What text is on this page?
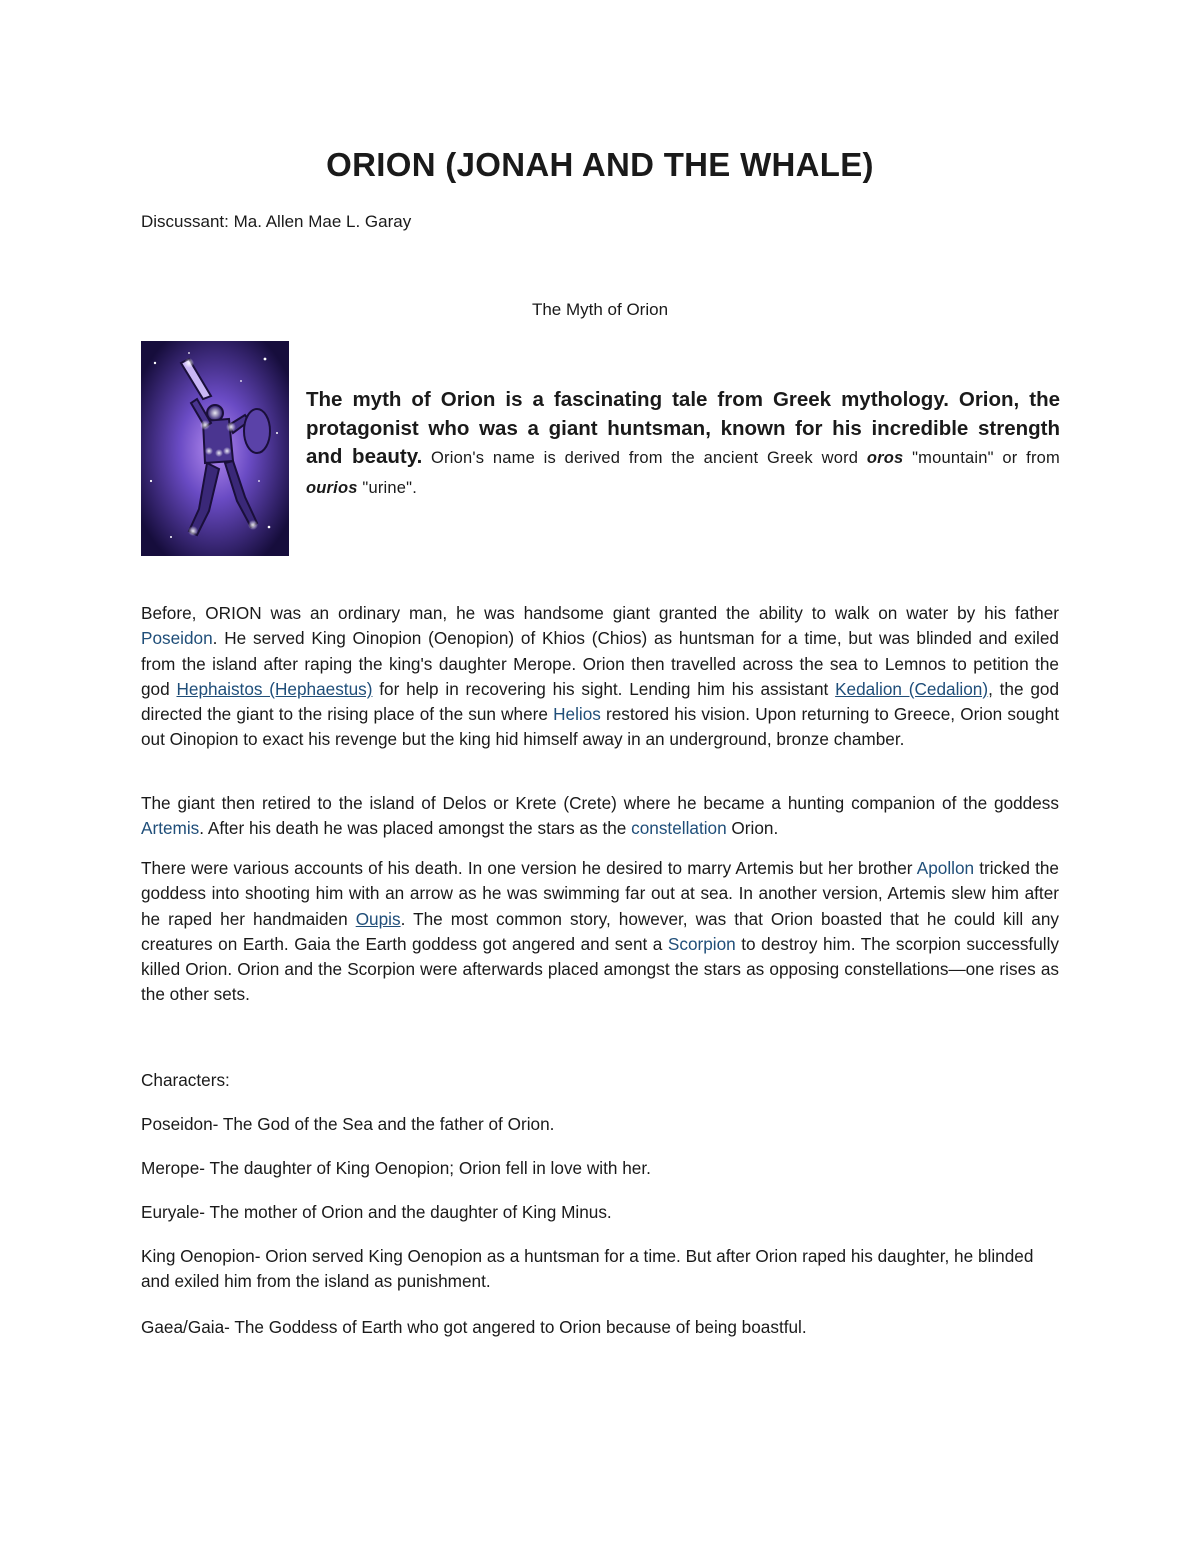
ORION (JONAH AND THE WHALE)
Discussant: Ma. Allen Mae L. Garay
The Myth of Orion
The myth of Orion is a fascinating tale from Greek mythology. Orion, the protagonist who was a giant huntsman, known for his incredible strength and beauty. Orion's name is derived from the ancient Greek word oros "mountain" or from ourios "urine".

Before, ORION was an ordinary man, he was handsome giant granted the ability to walk on water by his father Poseidon. He served King Oinopion (Oenopion) of Khios (Chios) as huntsman for a time, but was blinded and exiled from the island after raping the king's daughter Merope. Orion then travelled across the sea to Lemnos to petition the god Hephaistos (Hephaestus) for help in recovering his sight. Lending him his assistant Kedalion (Cedalion), the god directed the giant to the rising place of the sun where Helios restored his vision. Upon returning to Greece, Orion sought out Oinopion to exact his revenge but the king hid himself away in an underground, bronze chamber.

The giant then retired to the island of Delos or Krete (Crete) where he became a hunting companion of the goddess Artemis. After his death he was placed amongst the stars as the constellation Orion.

There were various accounts of his death. In one version he desired to marry Artemis but her brother Apollon tricked the goddess into shooting him with an arrow as he was swimming far out at sea. In another version, Artemis slew him after he raped her handmaiden Oupis. The most common story, however, was that Orion boasted that he could kill any creatures on Earth. Gaia the Earth goddess got angered and sent a Scorpion to destroy him. The scorpion successfully killed Orion. Orion and the Scorpion were afterwards placed amongst the stars as opposing constellations—one rises as the other sets.

Characters:
Poseidon- The God of the Sea and the father of Orion.
Merope- The daughter of King Oenopion; Orion fell in love with her.
Euryale- The mother of Orion and the daughter of King Minus.
King Oenopion- Orion served King Oenopion as a huntsman for a time. But after Orion raped his daughter, he blinded and exiled him from the island as punishment.
Gaea/Gaia- The Goddess of Earth who got angered to Orion because of being boastful.
